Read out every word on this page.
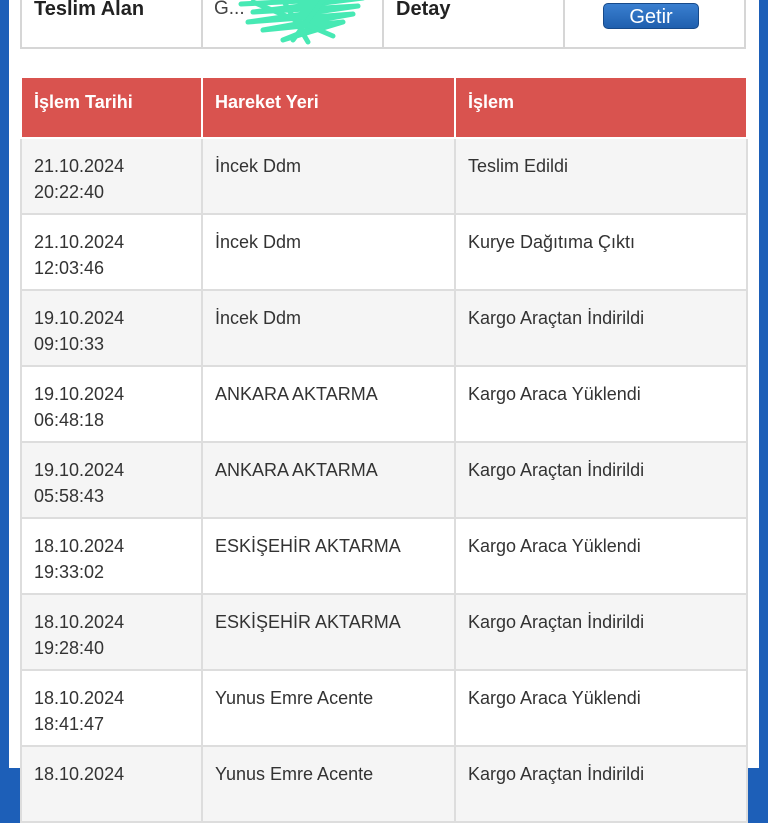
Teslim Alan	G...	Detay	Getir
İşlem Tarihi	Hareket Yeri	İşlem
21.10.2024
20:22:40	İncek Ddm	Teslim Edildi
21.10.2024
12:03:46	İncek Ddm	Kurye Dağıtıma Çıktı
19.10.2024
09:10:33	İncek Ddm	Kargo Araçtan İndirildi
19.10.2024
06:48:18	ANKARA AKTARMA	Kargo Araca Yüklendi
19.10.2024
05:58:43	ANKARA AKTARMA	Kargo Araçtan İndirildi
18.10.2024
19:33:02	ESKİŞEHİR AKTARMA	Kargo Araca Yüklendi
18.10.2024
19:28:40	ESKİŞEHİR AKTARMA	Kargo Araçtan İndirildi
18.10.2024
18:41:47	Yunus Emre Acente	Kargo Araca Yüklendi
18.10.2024	Yunus Emre Acente	Kargo Araçtan İndirildi
